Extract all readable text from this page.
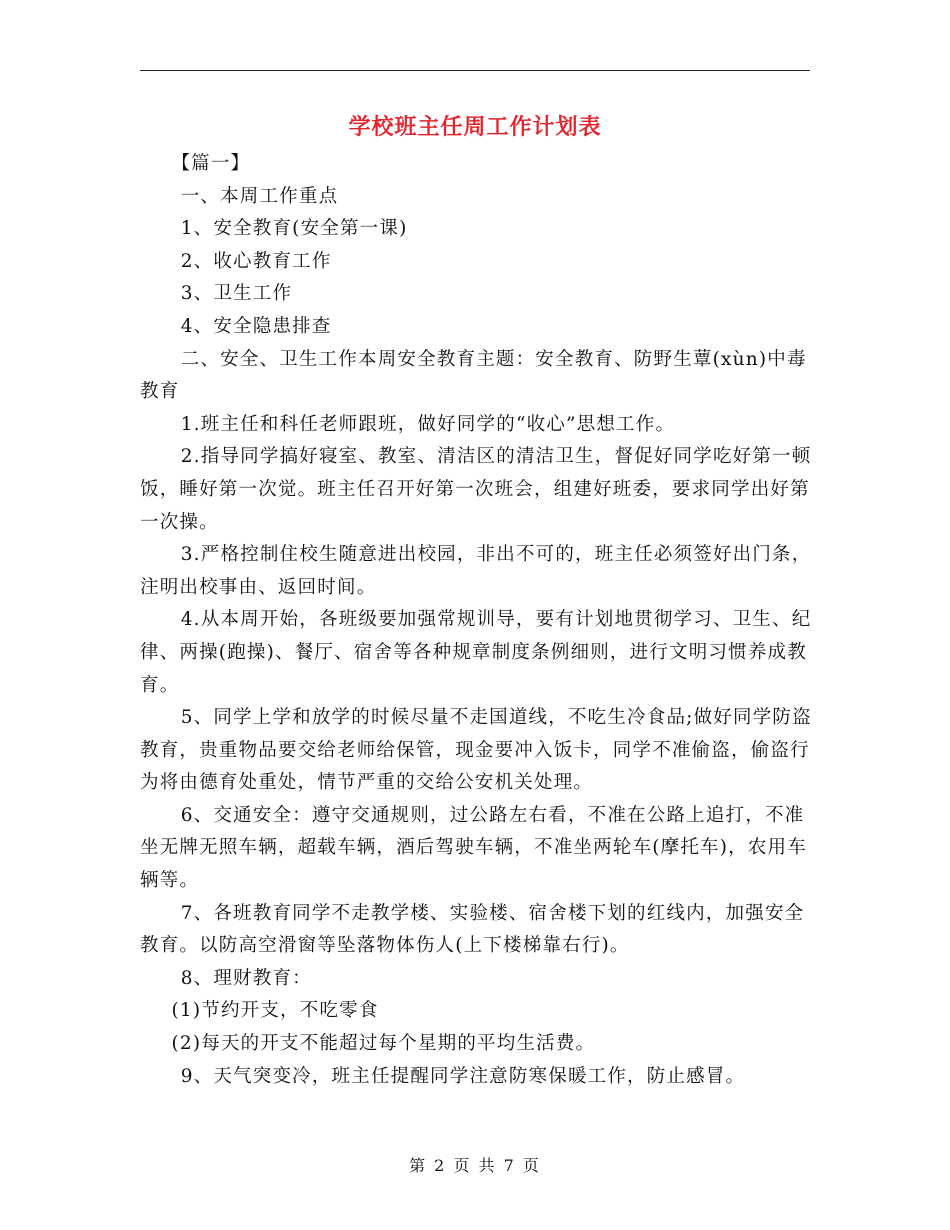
学校班主任周工作计划表

【篇一】

一、本周工作重点

1、安全教育(安全第一课)

2、收心教育工作

3、卫生工作

4、安全隐患排查

二、安全、卫生工作本周安全教育主题：安全教育、防野生蕈(xùn)中毒教育

1.班主任和科任老师跟班，做好同学的“收心”思想工作。

2.指导同学搞好寝室、教室、清洁区的清洁卫生，督促好同学吃好第一顿饭，睡好第一次觉。班主任召开好第一次班会，组建好班委，要求同学出好第一次操。

3.严格控制住校生随意进出校园，非出不可的，班主任必须签好出门条，注明出校事由、返回时间。

4.从本周开始，各班级要加强常规训导，要有计划地贯彻学习、卫生、纪律、两操(跑操)、餐厅、宿舍等各种规章制度条例细则，进行文明习惯养成教育。

5、同学上学和放学的时候尽量不走国道线，不吃生冷食品;做好同学防盗教育，贵重物品要交给老师给保管，现金要冲入饭卡，同学不准偷盗，偷盗行为将由德育处重处，情节严重的交给公安机关处理。

6、交通安全：遵守交通规则，过公路左右看，不准在公路上追打，不准坐无牌无照车辆，超载车辆，酒后驾驶车辆，不准坐两轮车(摩托车)，农用车辆等。

7、各班教育同学不走教学楼、实验楼、宿舍楼下划的红线内，加强安全教育。以防高空滑窗等坠落物体伤人(上下楼梯靠右行)。

8、理财教育：

(1)节约开支，不吃零食

(2)每天的开支不能超过每个星期的平均生活费。

9、天气突变冷，班主任提醒同学注意防寒保暖工作，防止感冒。

第 2 页 共 7 页
